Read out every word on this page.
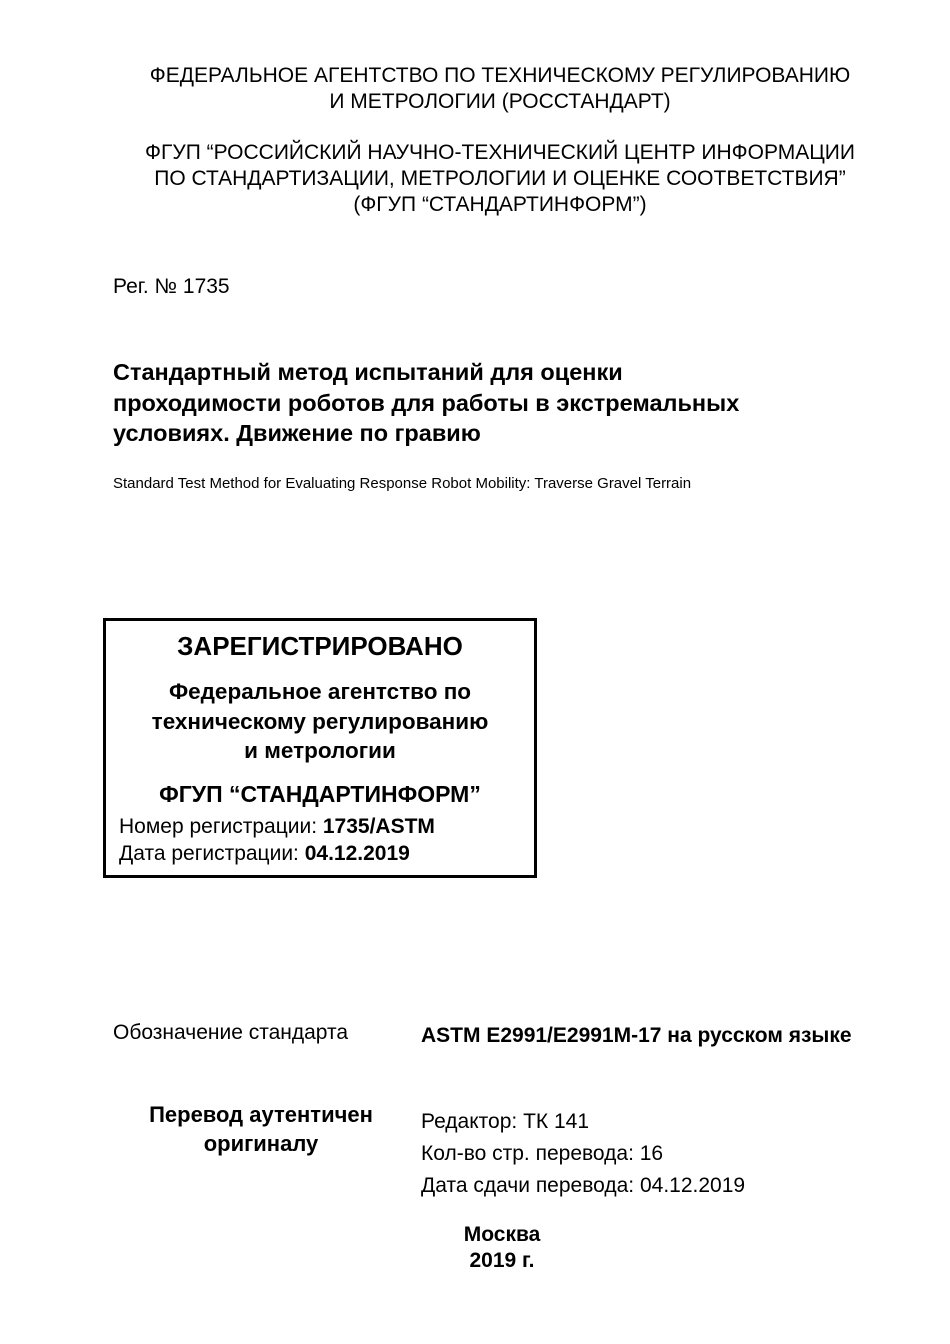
ФЕДЕРАЛЬНОЕ АГЕНТСТВО ПО ТЕХНИЧЕСКОМУ РЕГУЛИРОВАНИЮ
И МЕТРОЛОГИИ (РОССТАНДАРТ)
ФГУП “РОССИЙСКИЙ НАУЧНО-ТЕХНИЧЕСКИЙ ЦЕНТР ИНФОРМАЦИИ
ПО СТАНДАРТИЗАЦИИ, МЕТРОЛОГИИ И ОЦЕНКЕ СООТВЕТСТВИЯ”
(ФГУП “СТАНДАРТИНФОРМ”)
Рег. № 1735
Стандартный метод испытаний для оценки
проходимости роботов для работы в экстремальных
условиях. Движение по гравию
Standard Test Method for Evaluating Response Robot Mobility: Traverse Gravel Terrain
ЗАРЕГИСТРИРОВАНО
Федеральное агентство по
техническому регулированию
и метрологии
ФГУП “СТАНДАРТИНФОРМ”
Номер регистрации: 1735/ASTM
Дата регистрации: 04.12.2019
Обозначение стандарта	ASTM E2991/E2991M-17 на русском языке
Перевод аутентичен
оригиналу
Редактор: ТК 141
Кол-во стр. перевода: 16
Дата сдачи перевода: 04.12.2019
Москва
2019 г.
